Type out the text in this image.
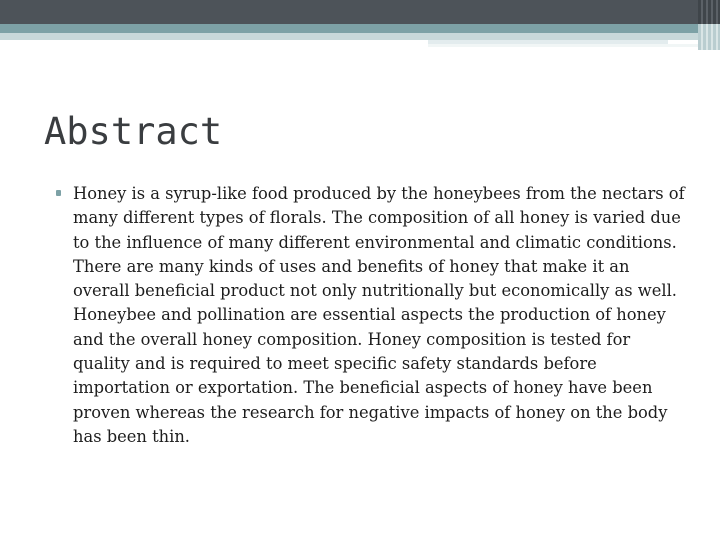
Abstract
Honey is a syrup-like food produced by the honeybees from the nectars of many different types of florals. The composition of all honey is varied due to the influence of many different environmental and climatic conditions. There are many kinds of uses and benefits of honey that make it an overall beneficial product not only nutritionally but economically as well. Honeybee and pollination are essential aspects the production of honey and the overall honey composition. Honey composition is tested for quality and is required to meet specific safety standards before importation or exportation. The beneficial aspects of honey have been proven whereas the research for negative impacts of honey on the body has been thin.
